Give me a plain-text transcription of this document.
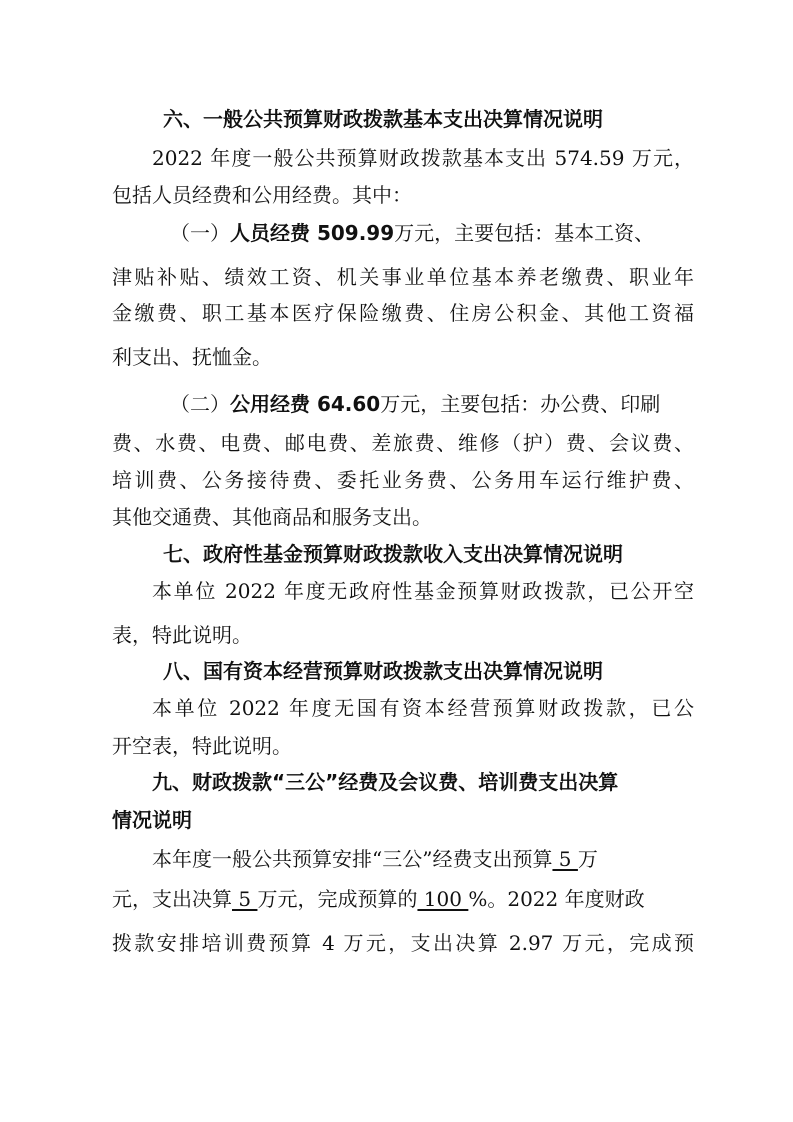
六、一般公共预算财政拨款基本支出决算情况说明
2022 年度一般公共预算财政拨款基本支出 574.59 万元，
包括人员经费和公用经费。其中：
（一）人员经费 509.99万元，主要包括：基本工资、
津贴补贴、绩效工资、机关事业单位基本养老缴费、职业年
金缴费、职工基本医疗保险缴费、住房公积金、其他工资福
利支出、抚恤金。
（二）公用经费 64.60万元，主要包括：办公费、印刷
费、水费、电费、邮电费、差旅费、维修（护）费、会议费、
培训费、公务接待费、委托业务费、公务用车运行维护费、
其他交通费、其他商品和服务支出。
七、政府性基金预算财政拨款收入支出决算情况说明
本单位 2022 年度无政府性基金预算财政拨款，已公开空
表，特此说明。
八、国有资本经营预算财政拨款支出决算情况说明
本单位 2022 年度无国有资本经营预算财政拨款，已公
开空表，特此说明。
九、财政拨款“三公”经费及会议费、培训费支出决算
情况说明
本年度一般公共预算安排“三公”经费支出预算 5 万
元，支出决算 5 万元，完成预算的 100 %。2022 年度财政
拨款安排培训费预算 4 万元，支出决算 2.97 万元，完成预
